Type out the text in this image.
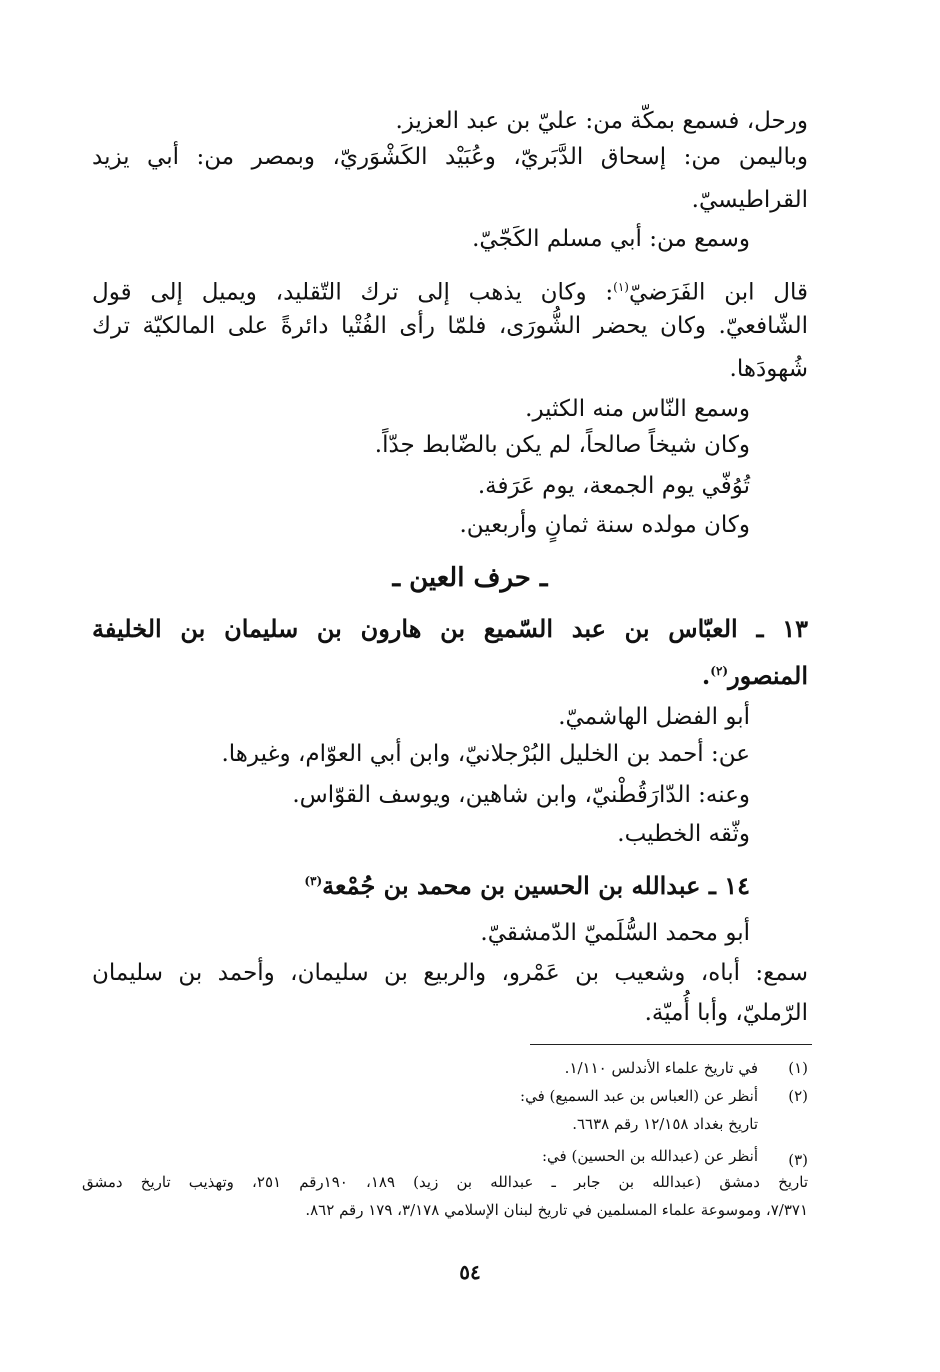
ورحل، فسمع بمكّة من: عليّ بن عبد العزيز.
وباليمن من: إسحاق الدَّبَريّ، وعُبَيْد الكَشْوَريّ، وبمصر من: أبي يزيد
القراطيسيّ.
وسمع من: أبي مسلم الكَجّيّ.
قال ابن الفَرَضيّ$^{(١)}$: وكان يذهب إلى ترك التّقليد، ويميل إلى قول
الشّافعيّ. وكان يحضر الشُّورَى، فلمّا رأى الفُتْيا دائرةً على المالكيّة ترك
شُهودَها.
وسمع النّاس منه الكثير.
وكان شيخاً صالحاً، لم يكن بالضّابط جدّاً.
تُوُفّي يوم الجمعة، يوم عَرَفة.
وكان مولده سنة ثمانٍ وأربعين.
ـ حرف العين ـ
١٣ ـ العبّاس بن عبد السّميع بن هارون بن سليمان بن الخليفة
المنصور$^{(٢)}$.
أبو الفضل الهاشميّ.
عن: أحمد بن الخليل البُرْجلانيّ، وابن أبي العوّام، وغيرها.
وعنه: الدّارَقُطْنيّ، وابن شاهين، ويوسف القوّاس.
وثّقه الخطيب.
١٤ ـ عبدالله بن الحسين بن محمد بن جُمْعة$^{(٣)}$
أبو محمد السُّلَميّ الدّمشقيّ.
سمع: أباه، وشعيب بن عَمْرو، والربيع بن سليمان، وأحمد بن سليمان
الرّمليّ، وأبا أُميّة.
(١)
في تاريخ علماء الأندلس ١/١١٠.
(٢)
أنظر عن (العباس بن عبد السميع) في:
تاريخ بغداد ١٢/١٥٨ رقم ٦٦٣٨.
(٣)
أنظر عن (عبدالله بن الحسين) في:
تاريخ دمشق (عبدالله بن جابر ـ عبدالله بن زيد) ١٨٩، ١٩٠رقم ٢٥١، وتهذيب تاريخ دمشق
٧/٣٧١، وموسوعة علماء المسلمين في تاريخ لبنان الإسلامي ٣/١٧٨، ١٧٩ رقم ٨٦٢.
٥٤
